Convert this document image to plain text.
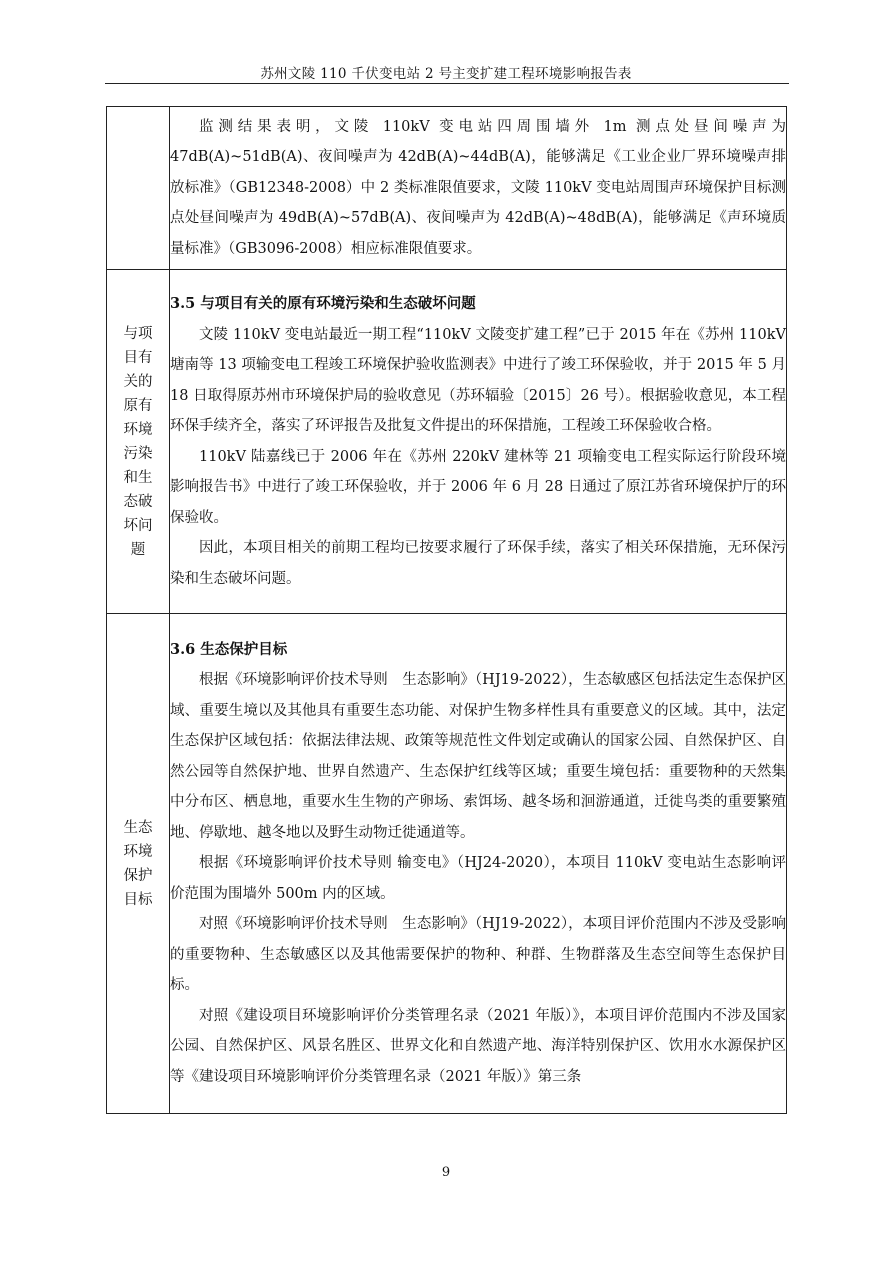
苏州文陵 110 千伏变电站 2 号主变扩建工程环境影响报告表

	监测结果表明，文陵 110kV 变电站四周围墙外 1m 测点处昼间噪声为 47dB(A)~51dB(A)、夜间噪声为 42dB(A)~44dB(A)，能够满足《工业企业厂界环境噪声排放标准》（GB12348-2008）中 2 类标准限值要求，文陵 110kV 变电站周围声环境保护目标测点处昼间噪声为 49dB(A)~57dB(A)、夜间噪声为 42dB(A)~48dB(A)，能够满足《声环境质量标准》（GB3096-2008）相应标准限值要求。

与项目有关的原有环境污染和生态破坏问题	3.5 与项目有关的原有环境污染和生态破坏问题
文陵 110kV 变电站最近一期工程“110kV 文陵变扩建工程”已于 2015 年在《苏州 110kV 塘南等 13 项输变电工程竣工环境保护验收监测表》中进行了竣工环保验收，并于 2015 年 5 月 18 日取得原苏州市环境保护局的验收意见（苏环辐验〔2015〕26 号）。根据验收意见，本工程环保手续齐全，落实了环评报告及批复文件提出的环保措施，工程竣工环保验收合格。
110kV 陆嘉线已于 2006 年在《苏州 220kV 建林等 21 项输变电工程实际运行阶段环境影响报告书》中进行了竣工环保验收，并于 2006 年 6 月 28 日通过了原江苏省环境保护厅的环保验收。
因此，本项目相关的前期工程均已按要求履行了环保手续，落实了相关环保措施，无环保污染和生态破坏问题。

生态环境保护目标	3.6 生态保护目标
根据《环境影响评价技术导则　生态影响》（HJ19-2022），生态敏感区包括法定生态保护区域、重要生境以及其他具有重要生态功能、对保护生物多样性具有重要意义的区域。其中，法定生态保护区域包括：依据法律法规、政策等规范性文件划定或确认的国家公园、自然保护区、自然公园等自然保护地、世界自然遗产、生态保护红线等区域；重要生境包括：重要物种的天然集中分布区、栖息地，重要水生生物的产卵场、索饵场、越冬场和洄游通道，迁徙鸟类的重要繁殖地、停歇地、越冬地以及野生动物迁徙通道等。
根据《环境影响评价技术导则 输变电》（HJ24-2020），本项目 110kV 变电站生态影响评价范围为围墙外 500m 内的区域。
对照《环境影响评价技术导则　生态影响》（HJ19-2022），本项目评价范围内不涉及受影响的重要物种、生态敏感区以及其他需要保护的物种、种群、生物群落及生态空间等生态保护目标。
对照《建设项目环境影响评价分类管理名录（2021 年版）》，本项目评价范围内不涉及国家公园、自然保护区、风景名胜区、世界文化和自然遗产地、海洋特别保护区、饮用水水源保护区等《建设项目环境影响评价分类管理名录（2021 年版）》第三条
9
